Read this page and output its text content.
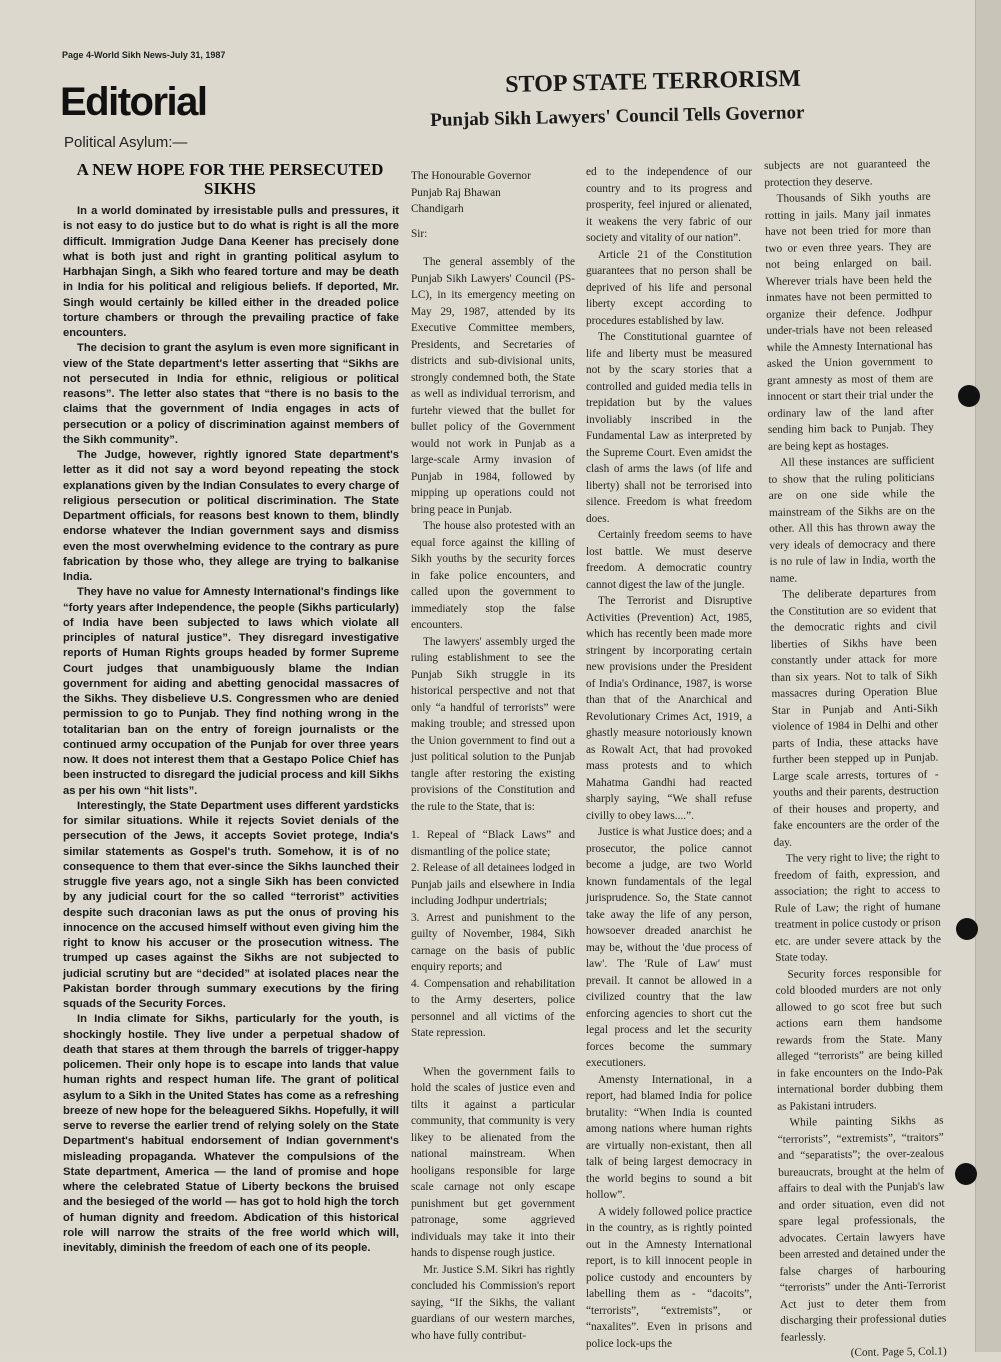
Page 4-World Sikh News-July 31, 1987
Editorial
Political Asylum:—
A NEW HOPE FOR THE PERSECUTED SIKHS

In a world dominated by irresistable pulls and pressures, it is not easy to do justice but to do what is right is all the more difficult. Immigration Judge Dana Keener has precisely done what is both just and right in granting political asylum to Harbhajan Singh, a Sikh who feared torture and may be death in India for his political and religious beliefs. If deported, Mr. Singh would certainly be killed either in the dreaded police torture chambers or through the prevailing practice of fake encounters.

The decision to grant the asylum is even more significant in view of the State department's letter asserting that “Sikhs are not persecuted in India for ethnic, religious or political reasons”. The letter also states that “there is no basis to the claims that the government of India engages in acts of persecution or a policy of discrimination against members of the Sikh community”.

The Judge, however, rightly ignored State department's letter as it did not say a word beyond repeating the stock explanations given by the Indian Consulates to every charge of religious persecution or political discrimination. The State Department officials, for reasons best known to them, blindly endorse whatever the Indian government says and dismiss even the most overwhelming evidence to the contrary as pure fabrication by those who, they allege are trying to balkanise India.

They have no value for Amnesty International's findings like “forty years after Independence, the peop!e (Sikhs particularly) of India have been subjected to laws which violate all principles of natural justice”. They disregard investigative reports of Human Rights groups headed by former Supreme Court judges that unambiguously blame the Indian government for aiding and abetting genocidal massacres of the Sikhs. They disbelieve U.S. Congressmen who are denied permission to go to Punjab. They find nothing wrong in the totalitarian ban on the entry of foreign journalists or the continued army occupation of the Punjab for over three years now. It does not interest them that a Gestapo Police Chief has been instructed to disregard the judicial process and kill Sikhs as per his own “hit lists”.

Interestingly, the State Department uses different yardsticks for similar situations. While it rejects Soviet denials of the persecution of the Jews, it accepts Soviet protege, India's similar statements as Gospel's truth. Somehow, it is of no consequence to them that ever-since the Sikhs launched their struggle five years ago, not a single Sikh has been convicted by any judicial court for the so called “terrorist” activities despite such draconian laws as put the onus of proving his innocence on the accused himself without even giving him the right to know his accuser or the prosecution witness. The trumped up cases against the Sikhs are not subjected to judicial scrutiny but are “decided” at isolated places near the Pakistan border through summary executions by the firing squads of the Security Forces.

In India climate for Sikhs, particularly for the youth, is shockingly hostile. They live under a perpetual shadow of death that stares at them through the barrels of trigger-happy policemen. Their only hope is to escape into lands that value human rights and respect human life. The grant of political asylum to a Sikh in the United States has come as a refreshing breeze of new hope for the beleaguered Sikhs. Hopefully, it will serve to reverse the earlier trend of relying solely on the State Department's habitual endorsement of Indian government's misleading propaganda. Whatever the compulsions of the State department, America — the land of promise and hope where the celebrated Statue of Liberty beckons the bruised and the besieged of the world — has got to hold high the torch of human dignity and freedom. Abdication of this historical role will narrow the straits of the free world which will, inevitably, diminish the freedom of each one of its people.

STOP STATE TERRORISM
Punjab Sikh Lawyers' Council Tells Governor

The Honourable Governor

Punjab Raj Bhawan

Chandigarh

Sir:

The general assembly of the Punjab Sikh Lawyers' Council (PS-LC), in its emergency meeting on May 29, 1987, attended by its Executive Committee members, Presidents, and Secretaries of districts and sub-divisional units, strongly condemned both, the State as well as individual terrorism, and furtehr viewed that the bullet for bullet policy of the Government would not work in Punjab as a large-scale Army invasion of Punjab in 1984, followed by mipping up operations could not bring peace in Punjab.

The house also protested with an equal force against the killing of Sikh youths by the security forces in fake police encounters, and called upon the government to immediately stop the false encounters.

The lawyers' assembly urged the ruling establishment to see the Punjab Sikh struggle in its historical perspective and not that only “a handful of terrorists” were making trouble; and stressed upon the Union government to find out a just political solution to the Punjab tangle after restoring the existing provisions of the Constitution and the rule to the State, that is:

1. Repeal of “Black Laws” and dismantling of the police state;

2. Release of all detainees lodged in Punjab jails and elsewhere in India including Jodhpur undertrials;

3. Arrest and punishment to the guilty of November, 1984, Sikh carnage on the basis of public enquiry reports; and

4. Compensation and rehabilitation to the Army deserters, police personnel and all victims of the State repression.

When the government fails to hold the scales of justice even and tilts it against a particular community, that community is very likey to be alienated from the national mainstream. When hooligans responsible for large scale carnage not only escape punishment but get government patronage, some aggrieved individuals may take it into their hands to dispense rough justice.

Mr. Justice S.M. Sikri has rightly concluded his Commission's report saying, “If the Sikhs, the valiant guardians of our western marches, who have fully contribut-

ed to the independence of our country and to its progress and prosperity, feel injured or alienated, it weakens the very fabric of our society and vitality of our nation”.

Article 21 of the Constitution guarantees that no person shall be deprived of his life and personal liberty except according to procedures established by law.

The Constitutional guarntee of life and liberty must be measured not by the scary stories that a controlled and guided media tells in trepidation but by the values involiably inscribed in the Fundamental Law as interpreted by the Supreme Court. Even amidst the clash of arms the laws (of life and liberty) shall not be terrorised into silence. Freedom is what freedom does.

Certainly freedom seems to have lost battle. We must deserve freedom. A democratic country cannot digest the law of the jungle.

The Terrorist and Disruptive Activities (Prevention) Act, 1985, which has recently been made more stringent by incorporating certain new provisions under the President of India's Ordinance, 1987, is worse than that of the Anarchical and Revolutionary Crimes Act, 1919, a ghastly measure notoriously known as Rowalt Act, that had provoked mass protests and to which Mahatma Gandhi had reacted sharply saying, “We shall refuse civilly to obey laws....”.

Justice is what Justice does; and a prosecutor, the police cannot become a judge, are two World known fundamentals of the legal jurisprudence. So, the State cannot take away the life of any person, howsoever dreaded anarchist he may be, without the 'due process of law'. The 'Rule of Law' must prevail. It cannot be allowed in a civilized country that the law enforcing agencies to short cut the legal process and let the security forces become the summary executioners.

Amensty International, in a report, had blamed India for police brutality: “When India is counted among nations where human rights are virtually non-existant, then all talk of being largest democracy in the world begins to sound a bit hollow”.

A widely followed police practice in the country, as is rightly pointed out in the Amnesty International report, is to kill innocent people in police custody and encounters by labelling them as - “dacoits”, “terrorists”, “extremists”, or “naxalites”. Even in prisons and police lock-ups the

subjects are not guaranteed the protection they deserve.

Thousands of Sikh youths are rotting in jails. Many jail inmates have not been tried for more than two or even three years. They are not being enlarged on bail. Wherever trials have been held the inmates have not been permitted to organize their defence. Jodhpur under-trials have not been released while the Amnesty International has asked the Union government to grant amnesty as most of them are innocent or start their trial under the ordinary law of the land after sending him back to Punjab. They are being kept as hostages.

All these instances are sufficient to show that the ruling politicians are on one side while the mainstream of the Sikhs are on the other. All this has thrown away the very ideals of democracy and there is no rule of law in India, worth the name.

The deliberate departures from the Constitution are so evident that the democratic rights and civil liberties of Sikhs have been constantly under attack for more than six years. Not to talk of Sikh massacres during Operation Blue Star in Punjab and Anti-Sikh violence of 1984 in Delhi and other parts of India, these attacks have further been stepped up in Punjab. Large scale arrests, tortures of - youths and their parents, destruction of their houses and property, and fake encounters are the order of the day.

The very right to live; the right to freedom of faith, expression, and association; the right to access to Rule of Law; the right of humane treatment in police custody or prison etc. are under severe attack by the State today.

Security forces responsible for cold blooded murders are not only allowed to go scot free but such actions earn them handsome rewards from the State. Many alleged “terrorists” are being killed in fake encounters on the Indo-Pak international border dubbing them as Pakistani intruders.

While painting Sikhs as “terrorists”, “extremists”, “traitors” and “separatists”; the over-zealous bureaucrats, brought at the helm of affairs to deal with the Punjab's law and order situation, even did not spare legal professionals, the advocates. Certain lawyers have been arrested and detained under the false charges of harbouring “terrorists” under the Anti-Terrorist Act just to deter them from discharging their professional duties fearlessly.

(Cont. Page 5, Col.1)
